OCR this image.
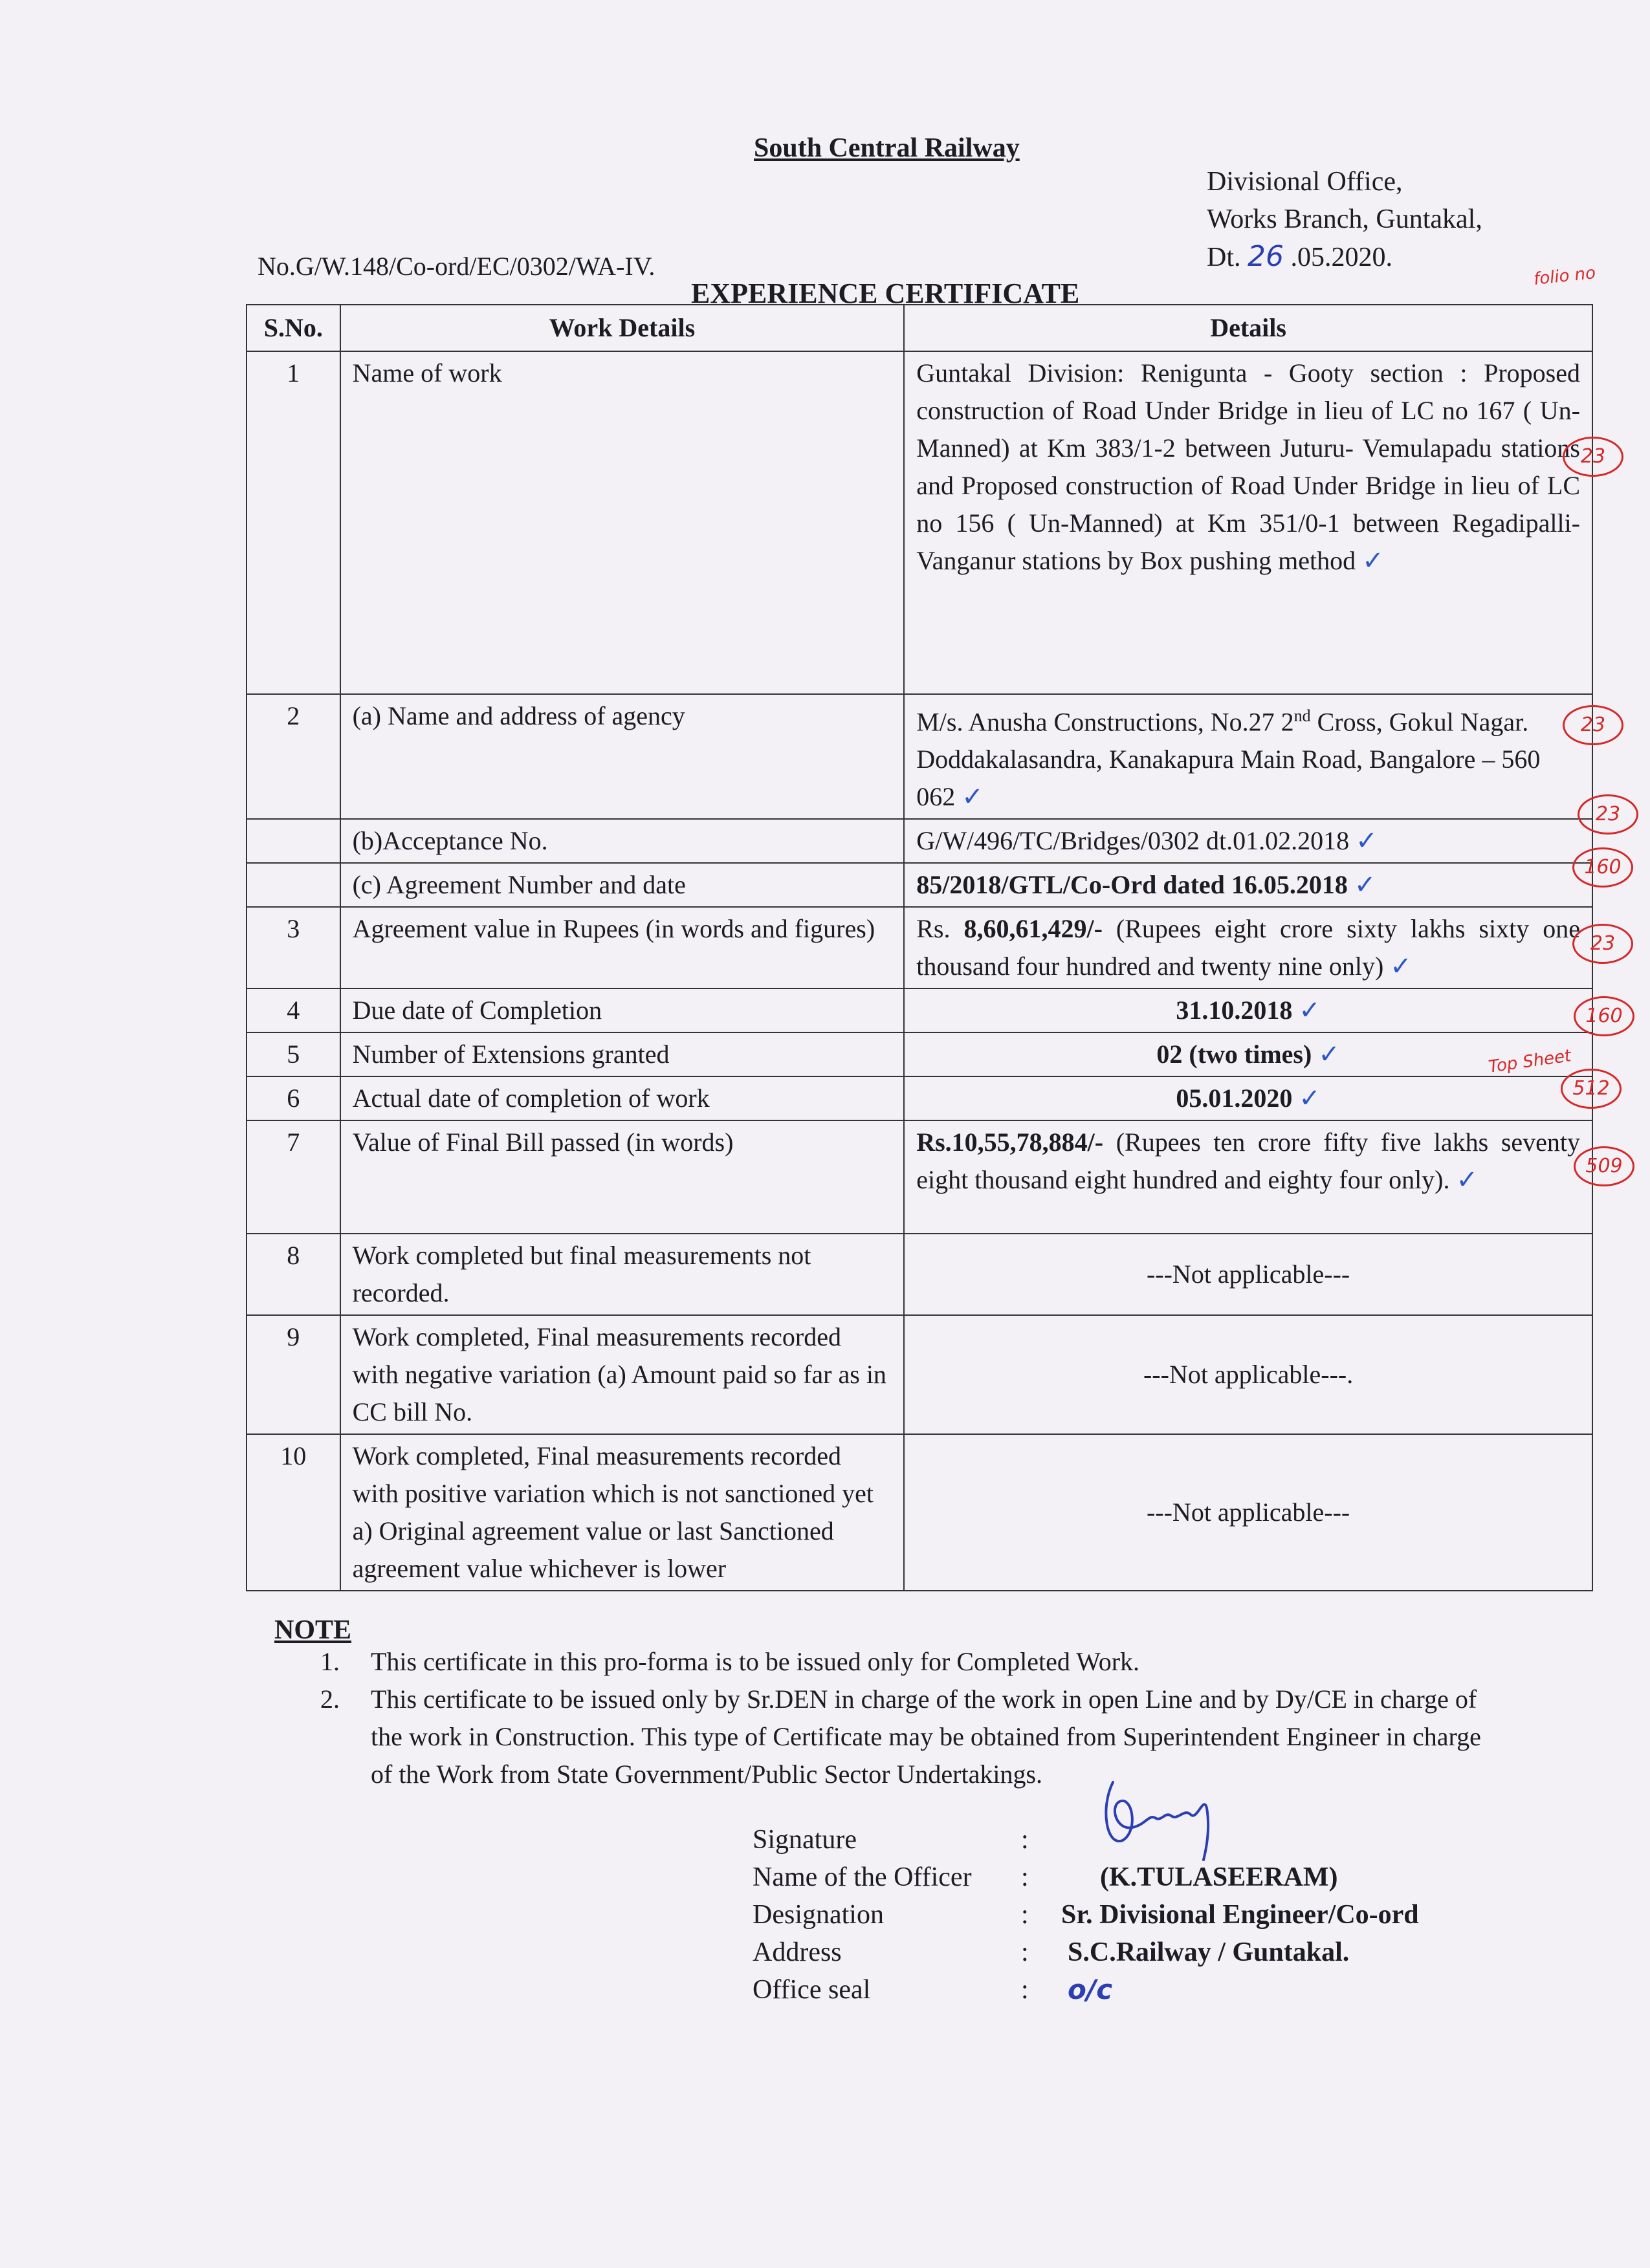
South Central Railway
Divisional Office,
Works Branch, Guntakal,
Dt. 26 .05.2020.
folio no
No.G/W.148/Co-ord/EC/0302/WA-IV.
EXPERIENCE CERTIFICATE
S.No.	Work Details	Details
1	Name of work	Guntakal Division: Renigunta - Gooty section : Proposed construction of Road Under Bridge in lieu of LC no 167 ( Un-Manned) at Km 383/1-2 between Juturu- Vemulapadu stations and Proposed construction of Road Under Bridge in lieu of LC no 156 ( Un-Manned) at Km 351/0-1 between Regadipalli- Vanganur stations by Box pushing method ✓
2	(a) Name and address of agency	M/s. Anusha Constructions, No.27 2nd Cross, Gokul Nagar. Doddakalasandra, Kanakapura Main Road, Bangalore – 560 062 ✓
	(b)Acceptance No.	G/W/496/TC/Bridges/0302 dt.01.02.2018 ✓
	(c) Agreement Number and date	85/2018/GTL/Co-Ord dated 16.05.2018 ✓
3	Agreement value in Rupees (in words and figures)	Rs. 8,60,61,429/- (Rupees eight crore sixty lakhs sixty one thousand four hundred and twenty nine only) ✓
4	Due date of Completion	31.10.2018 ✓
5	Number of Extensions granted	02 (two times) ✓
6	Actual date of completion of work	05.01.2020 ✓
7	Value of Final Bill passed (in words)	Rs.10,55,78,884/- (Rupees ten crore fifty five lakhs seventy eight thousand eight hundred and eighty four only). ✓
8	Work completed but final measurements not recorded.	---Not applicable---
9	Work completed, Final measurements recorded with negative variation (a) Amount paid so far as in CC bill No.	---Not applicable---.
10	Work completed, Final measurements recorded with positive variation which is not sanctioned yet a) Original agreement value or last Sanctioned agreement value whichever is lower	---Not applicable---
23
23
23
160
23
160
Top Sheet
512
509
NOTE
1.	This certificate in this pro-forma is to be issued only for Completed Work.
2.	This certificate to be issued only by Sr.DEN in charge of the work in open Line and by Dy/CE in charge of the work in Construction. This type of Certificate may be obtained from Superintendent Engineer in charge of the Work from State Government/Public Sector Undertakings.
Signature	:
Name of the Officer	:	(K.TULASEERAM)
Designation	:	Sr. Divisional Engineer/Co-ord
Address	:	S.C.Railway / Guntakal.
Office seal	:	o/c
